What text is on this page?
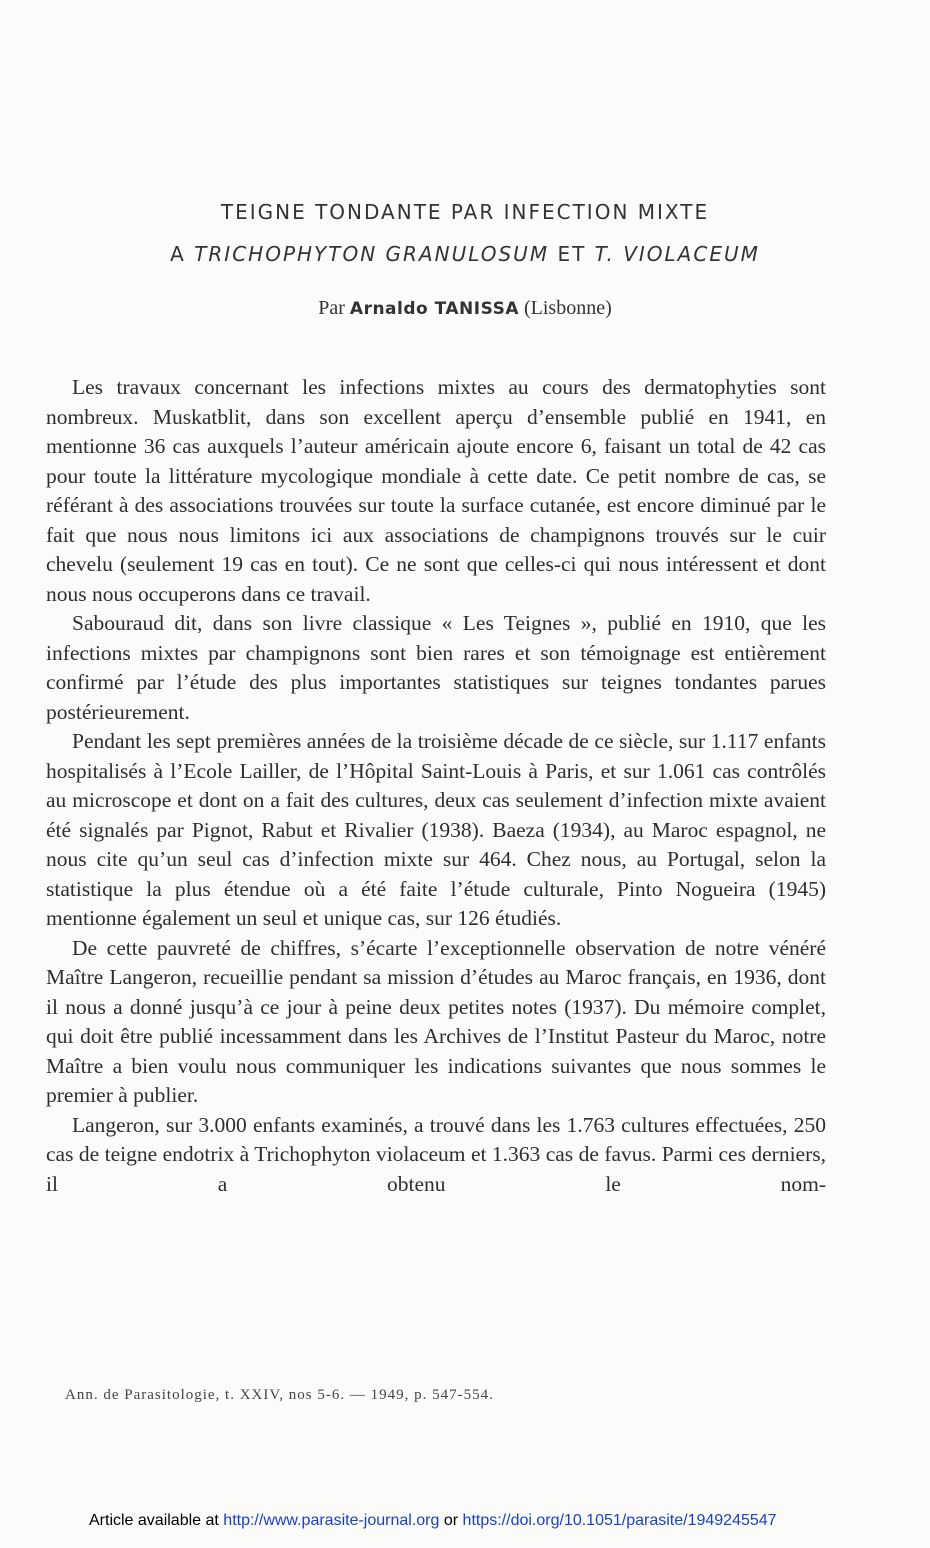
TEIGNE TONDANTE PAR INFECTION MIXTE
A TRICHOPHYTON GRANULOSUM ET T. VIOLACEUM
Par Arnaldo TANISSA (Lisbonne)

Les travaux concernant les infections mixtes au cours des dermatophyties sont nombreux. Muskatblit, dans son excellent aperçu d’ensemble publié en 1941, en mentionne 36 cas auxquels l’auteur américain ajoute encore 6, faisant un total de 42 cas pour toute la littérature mycologique mondiale à cette date. Ce petit nombre de cas, se référant à des associations trouvées sur toute la surface cutanée, est encore diminué par le fait que nous nous limitons ici aux associations de champignons trouvés sur le cuir chevelu (seulement 19 cas en tout). Ce ne sont que celles-ci qui nous intéressent et dont nous nous occuperons dans ce travail.

Sabouraud dit, dans son livre classique « Les Teignes », publié en 1910, que les infections mixtes par champignons sont bien rares et son témoignage est entièrement confirmé par l’étude des plus importantes statistiques sur teignes tondantes parues postérieurement.

Pendant les sept premières années de la troisième décade de ce siècle, sur 1.117 enfants hospitalisés à l’Ecole Lailler, de l’Hôpital Saint-Louis à Paris, et sur 1.061 cas contrôlés au microscope et dont on a fait des cultures, deux cas seulement d’infection mixte avaient été signalés par Pignot, Rabut et Rivalier (1938). Baeza (1934), au Maroc espagnol, ne nous cite qu’un seul cas d’infection mixte sur 464. Chez nous, au Portugal, selon la statistique la plus étendue où a été faite l’étude culturale, Pinto Nogueira (1945) mentionne également un seul et unique cas, sur 126 étudiés.

De cette pauvreté de chiffres, s’écarte l’exceptionnelle observation de notre vénéré Maître Langeron, recueillie pendant sa mission d’études au Maroc français, en 1936, dont il nous a donné jusqu’à ce jour à peine deux petites notes (1937). Du mémoire complet, qui doit être publié incessamment dans les Archives de l’Institut Pasteur du Maroc, notre Maître a bien voulu nous communiquer les indications suivantes que nous sommes le premier à publier.

Langeron, sur 3.000 enfants examinés, a trouvé dans les 1.763 cultures effectuées, 250 cas de teigne endotrix à Trichophyton violaceum et 1.363 cas de favus. Parmi ces derniers, il a obtenu le nom-

Ann. de Parasitologie, t. XXIV, nos 5-6. — 1949, p. 547-554.
Article available at http://www.parasite-journal.org or https://doi.org/10.1051/parasite/1949245547
